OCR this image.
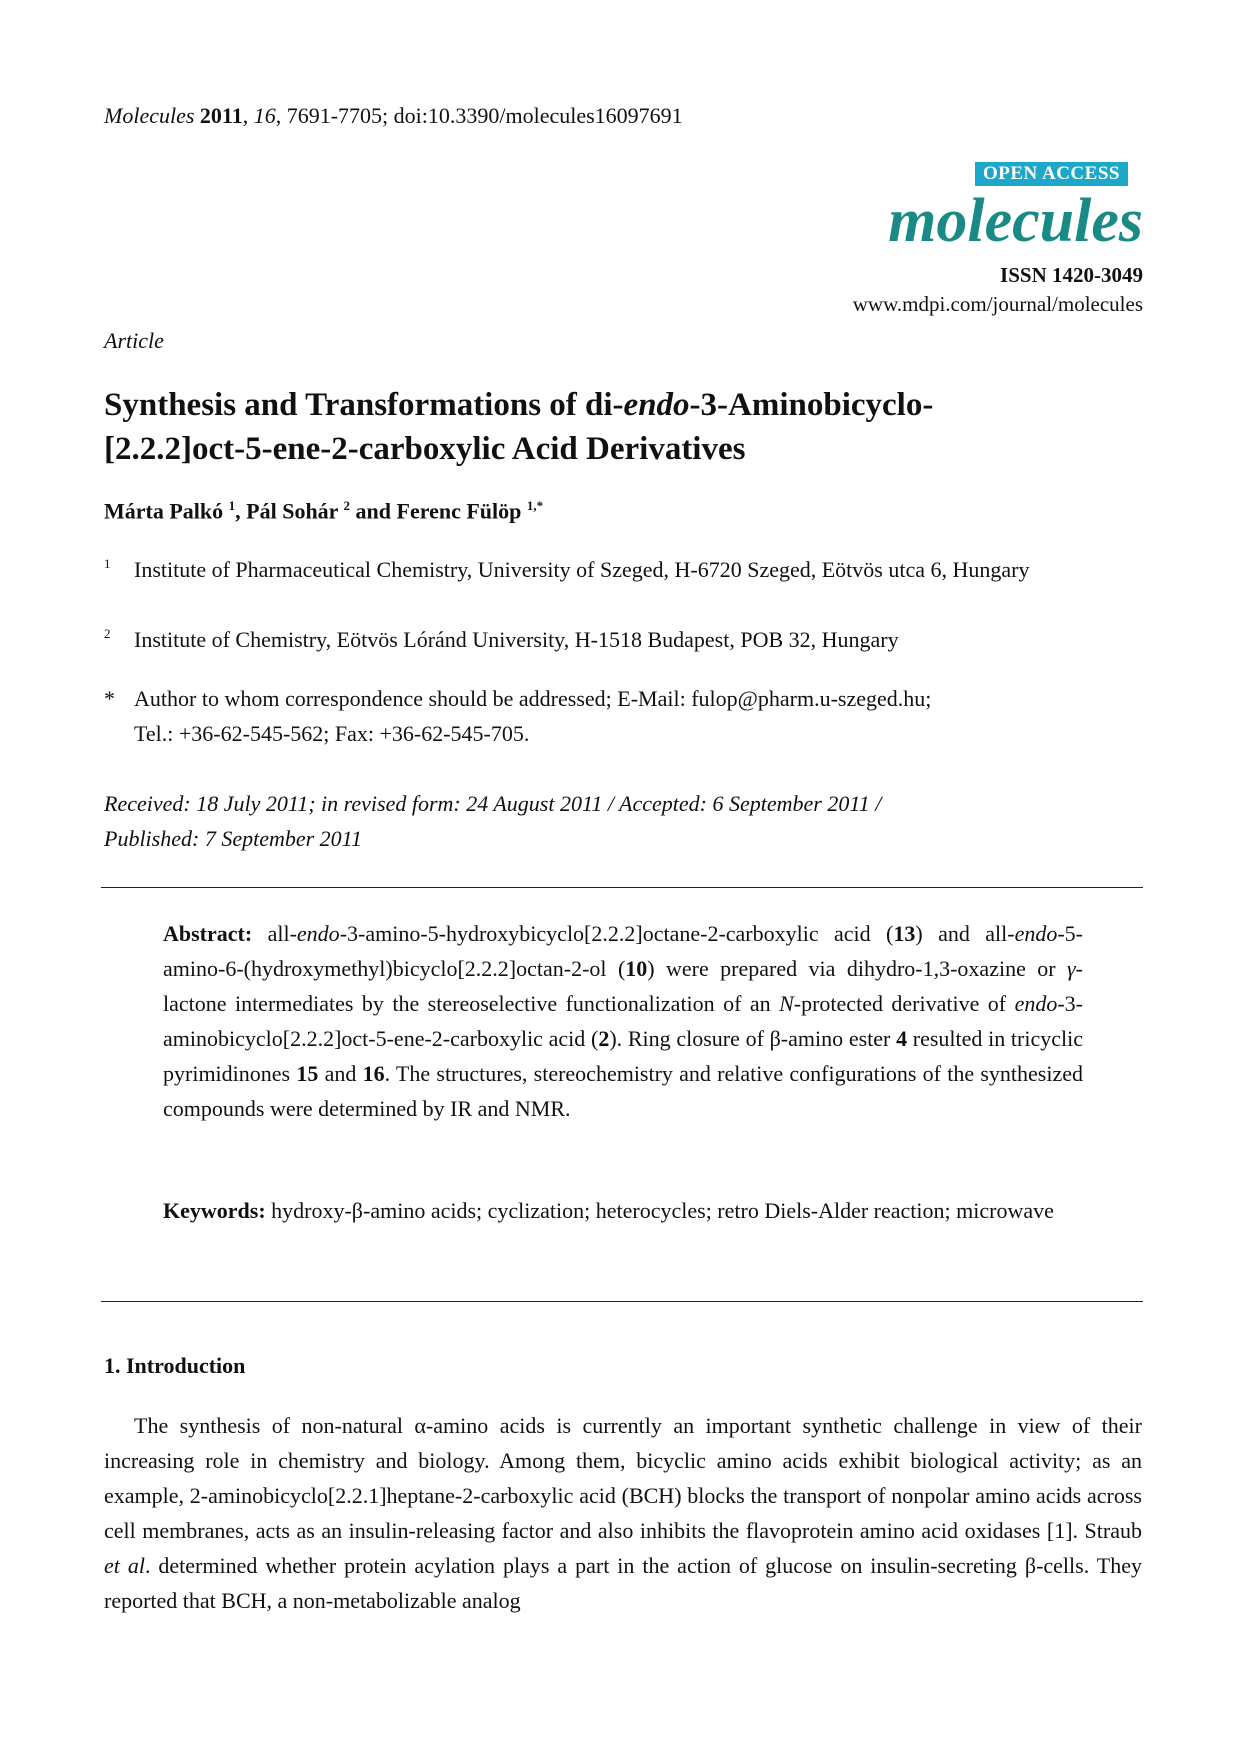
Molecules 2011, 16, 7691-7705; doi:10.3390/molecules16097691
OPEN ACCESS
molecules
ISSN 1420-3049
www.mdpi.com/journal/molecules
Article
Synthesis and Transformations of di-endo-3-Aminobicyclo-
[2.2.2]oct-5-ene-2-carboxylic Acid Derivatives
Márta Palkó $^1$, Pál Sohár $^2$ and Ferenc Fülöp $^{1,*}$
1 Institute of Pharmaceutical Chemistry, University of Szeged, H-6720 Szeged, Eötvös utca 6, Hungary
2 Institute of Chemistry, Eötvös Lóránd University, H-1518 Budapest, POB 32, Hungary
* Author to whom correspondence should be addressed; E-Mail: fulop@pharm.u-szeged.hu;
Tel.: +36-62-545-562; Fax: +36-62-545-705.
Received: 18 July 2011; in revised form: 24 August 2011 / Accepted: 6 September 2011 /
Published: 7 September 2011
Abstract: all-endo-3-amino-5-hydroxybicyclo[2.2.2]octane-2-carboxylic acid (13) and all-endo-5-amino-6-(hydroxymethyl)bicyclo[2.2.2]octan-2-ol (10) were prepared via dihydro-1,3-oxazine or γ-lactone intermediates by the stereoselective functionalization of an N-protected derivative of endo-3-aminobicyclo[2.2.2]oct-5-ene-2-carboxylic acid (2). Ring closure of β-amino ester 4 resulted in tricyclic pyrimidinones 15 and 16. The structures, stereochemistry and relative configurations of the synthesized compounds were determined by IR and NMR.
Keywords: hydroxy-β-amino acids; cyclization; heterocycles; retro Diels-Alder reaction; microwave
1. Introduction
The synthesis of non-natural α-amino acids is currently an important synthetic challenge in view of their increasing role in chemistry and biology. Among them, bicyclic amino acids exhibit biological activity; as an example, 2-aminobicyclo[2.2.1]heptane-2-carboxylic acid (BCH) blocks the transport of nonpolar amino acids across cell membranes, acts as an insulin-releasing factor and also inhibits the flavoprotein amino acid oxidases [1]. Straub et al. determined whether protein acylation plays a part in the action of glucose on insulin-secreting β-cells. They reported that BCH, a non-metabolizable analog
